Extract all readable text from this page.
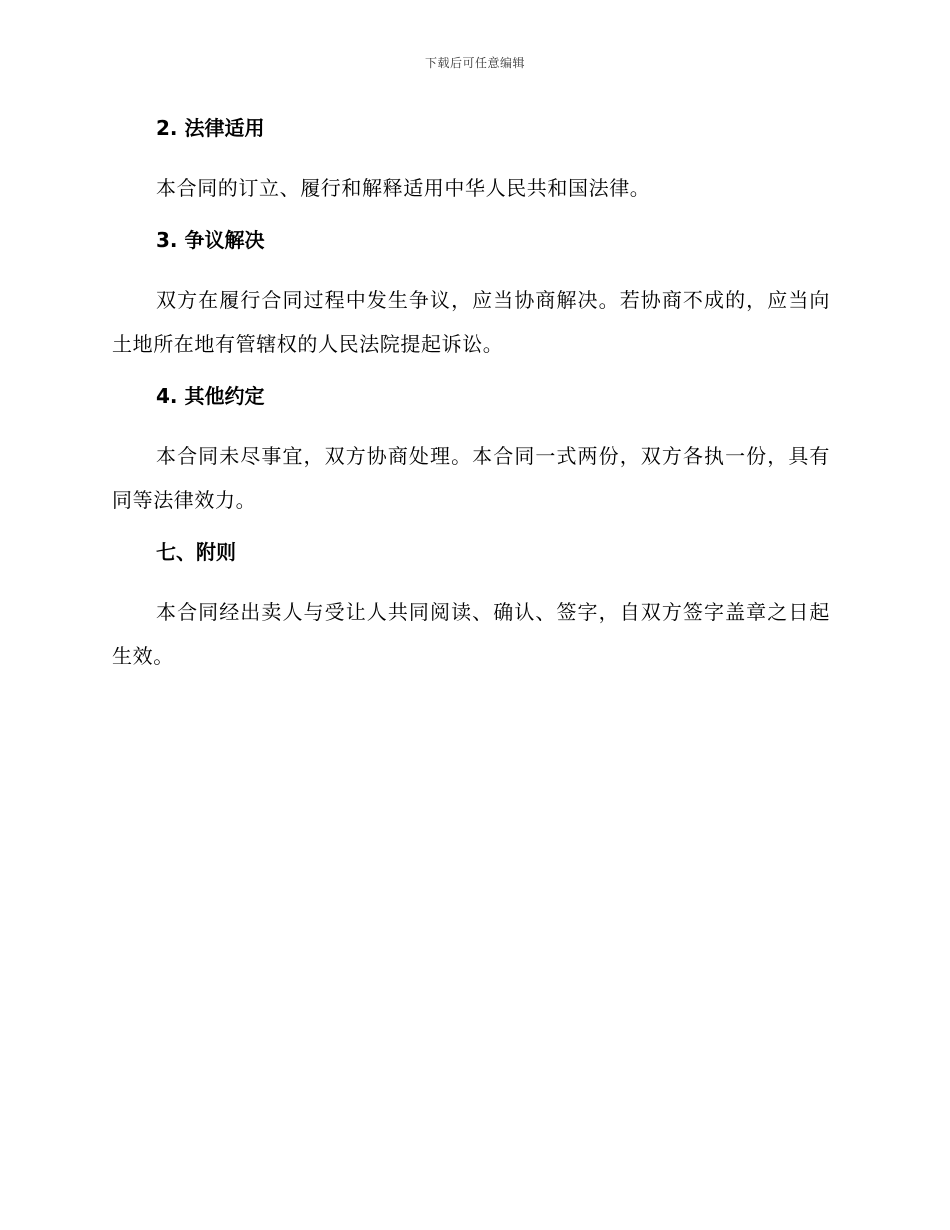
下载后可任意编辑
2. 法律适用

本合同的订立、履行和解释适用中华人民共和国法律。

3. 争议解决

双方在履行合同过程中发生争议，应当协商解决。若协商不成的，应当向土地所在地有管辖权的人民法院提起诉讼。

4. 其他约定

本合同未尽事宜，双方协商处理。本合同一式两份，双方各执一份，具有同等法律效力。

七、附则

本合同经出卖人与受让人共同阅读、确认、签字，自双方签字盖章之日起生效。
